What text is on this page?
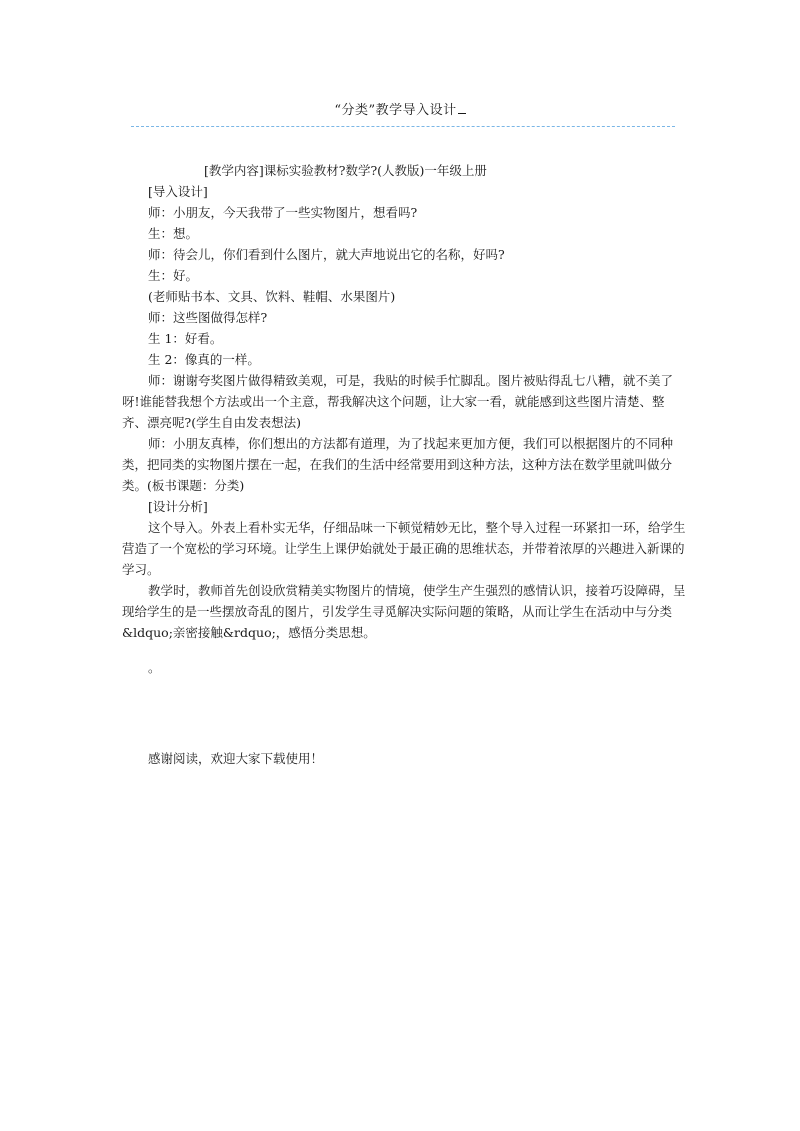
“分类”教学导入设计

[教学内容]课标实验教材?数学?(人教版)一年级上册

[导入设计]

师：小朋友，今天我带了一些实物图片，想看吗?

生：想。

师：待会儿，你们看到什么图片，就大声地说出它的名称，好吗?

生：好。

(老师贴书本、文具、饮料、鞋帽、水果图片)

师：这些图做得怎样?

生 1：好看。

生 2：像真的一样。

师：谢谢夸奖图片做得精致美观，可是，我贴的时候手忙脚乱。图片被贴得乱七八糟，就不美了呀!谁能替我想个方法或出一个主意，帮我解决这个问题，让大家一看，就能感到这些图片清楚、整齐、漂亮呢?(学生自由发表想法)

师：小朋友真棒，你们想出的方法都有道理，为了找起来更加方便，我们可以根据图片的不同种类，把同类的实物图片摆在一起，在我们的生活中经常要用到这种方法，这种方法在数学里就叫做分类。(板书课题：分类)

[设计分析]

这个导入。外表上看朴实无华，仔细品味一下顿觉精妙无比，整个导入过程一环紧扣一环，给学生营造了一个宽松的学习环境。让学生上课伊始就处于最正确的思维状态，并带着浓厚的兴趣进入新课的学习。

教学时，教师首先创设欣赏精美实物图片的情境，使学生产生强烈的感情认识，接着巧设障碍，呈现给学生的是一些摆放奇乱的图片，引发学生寻觅解决实际问题的策略，从而让学生在活动中与分类&ldquo;亲密接触&rdquo;，感悟分类思想。

。

感谢阅读，欢迎大家下载使用！
